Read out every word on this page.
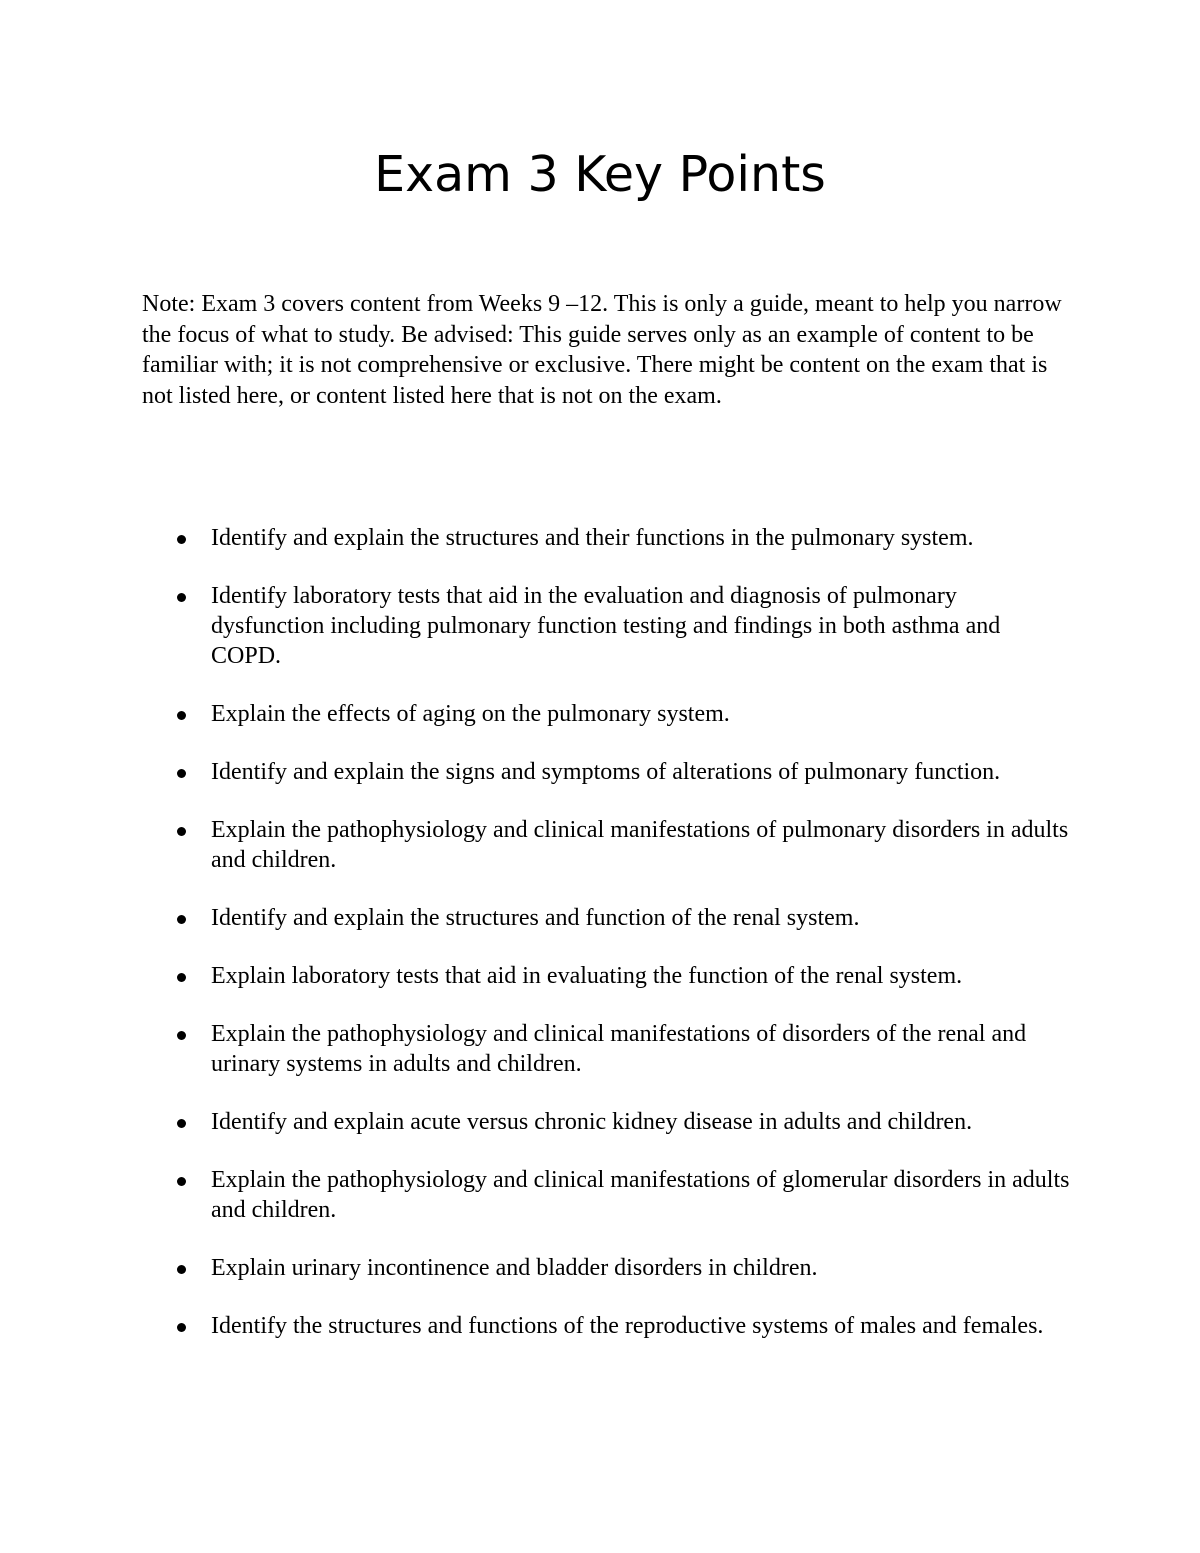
Exam 3 Key Points

Note: Exam 3 covers content from Weeks 9 –12. This is only a guide, meant to help you narrow the focus of what to study. Be advised: This guide serves only as an example of content to be familiar with; it is not comprehensive or exclusive. There might be content on the exam that is not listed here, or content listed here that is not on the exam.

Identify and explain the structures and their functions in the pulmonary system.
Identify laboratory tests that aid in the evaluation and diagnosis of pulmonary dysfunction including pulmonary function testing and findings in both asthma and COPD.
Explain the effects of aging on the pulmonary system.
Identify and explain the signs and symptoms of alterations of pulmonary function.
Explain the pathophysiology and clinical manifestations of pulmonary disorders in adults and children.
Identify and explain the structures and function of the renal system.
Explain laboratory tests that aid in evaluating the function of the renal system.
Explain the pathophysiology and clinical manifestations of disorders of the renal and urinary systems in adults and children.
Identify and explain acute versus chronic kidney disease in adults and children.
Explain the pathophysiology and clinical manifestations of glomerular disorders in adults and children.
Explain urinary incontinence and bladder disorders in children.
Identify the structures and functions of the reproductive systems of males and females.
